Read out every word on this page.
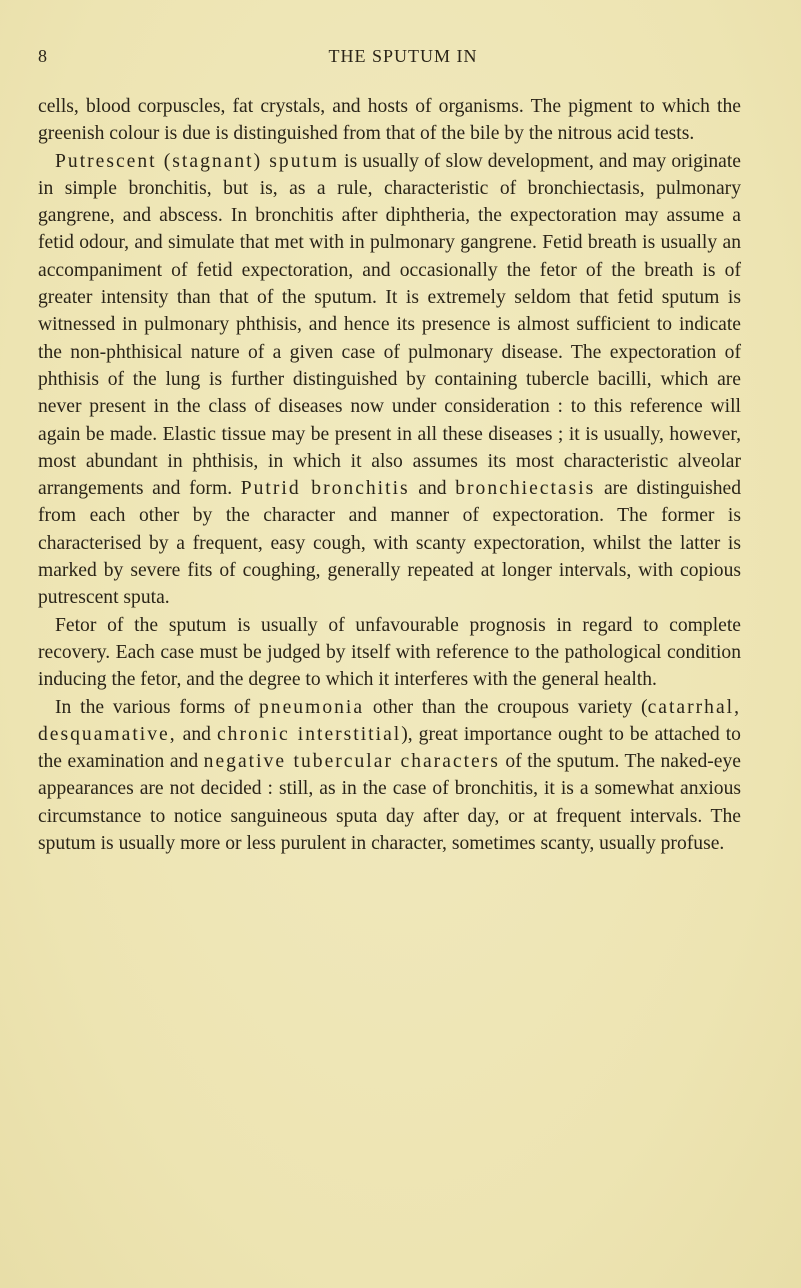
8	THE SPUTUM IN

cells, blood corpuscles, fat crystals, and hosts of organisms. The pigment to which the greenish colour is due is distinguished from that of the bile by the nitrous acid tests.

Putrescent (stagnant) sputum is usually of slow development, and may originate in simple bronchitis, but is, as a rule, characteristic of bronchiectasis, pulmonary gangrene, and abscess. In bronchitis after diphtheria, the expectoration may assume a fetid odour, and simulate that met with in pulmonary gangrene. Fetid breath is usually an accompaniment of fetid expectoration, and occasionally the fetor of the breath is of greater intensity than that of the sputum. It is extremely seldom that fetid sputum is witnessed in pulmonary phthisis, and hence its presence is almost sufficient to indicate the non-phthisical nature of a given case of pulmonary disease. The expectoration of phthisis of the lung is further distinguished by containing tubercle bacilli, which are never present in the class of diseases now under consideration : to this reference will again be made. Elastic tissue may be present in all these diseases ; it is usually, however, most abundant in phthisis, in which it also assumes its most characteristic alveolar arrangements and form. Putrid bronchitis and bronchiectasis are distinguished from each other by the character and manner of expectoration. The former is characterised by a frequent, easy cough, with scanty expectoration, whilst the latter is marked by severe fits of coughing, generally repeated at longer intervals, with copious putrescent sputa.

Fetor of the sputum is usually of unfavourable prognosis in regard to complete recovery. Each case must be judged by itself with reference to the pathological condition inducing the fetor, and the degree to which it interferes with the general health.

In the various forms of pneumonia other than the croupous variety (catarrhal, desquamative, and chronic interstitial), great importance ought to be attached to the examination and negative tubercular characters of the sputum. The naked-eye appearances are not decided : still, as in the case of bronchitis, it is a somewhat anxious circumstance to notice sanguineous sputa day after day, or at frequent intervals. The sputum is usually more or less purulent in character, sometimes scanty, usually profuse.
